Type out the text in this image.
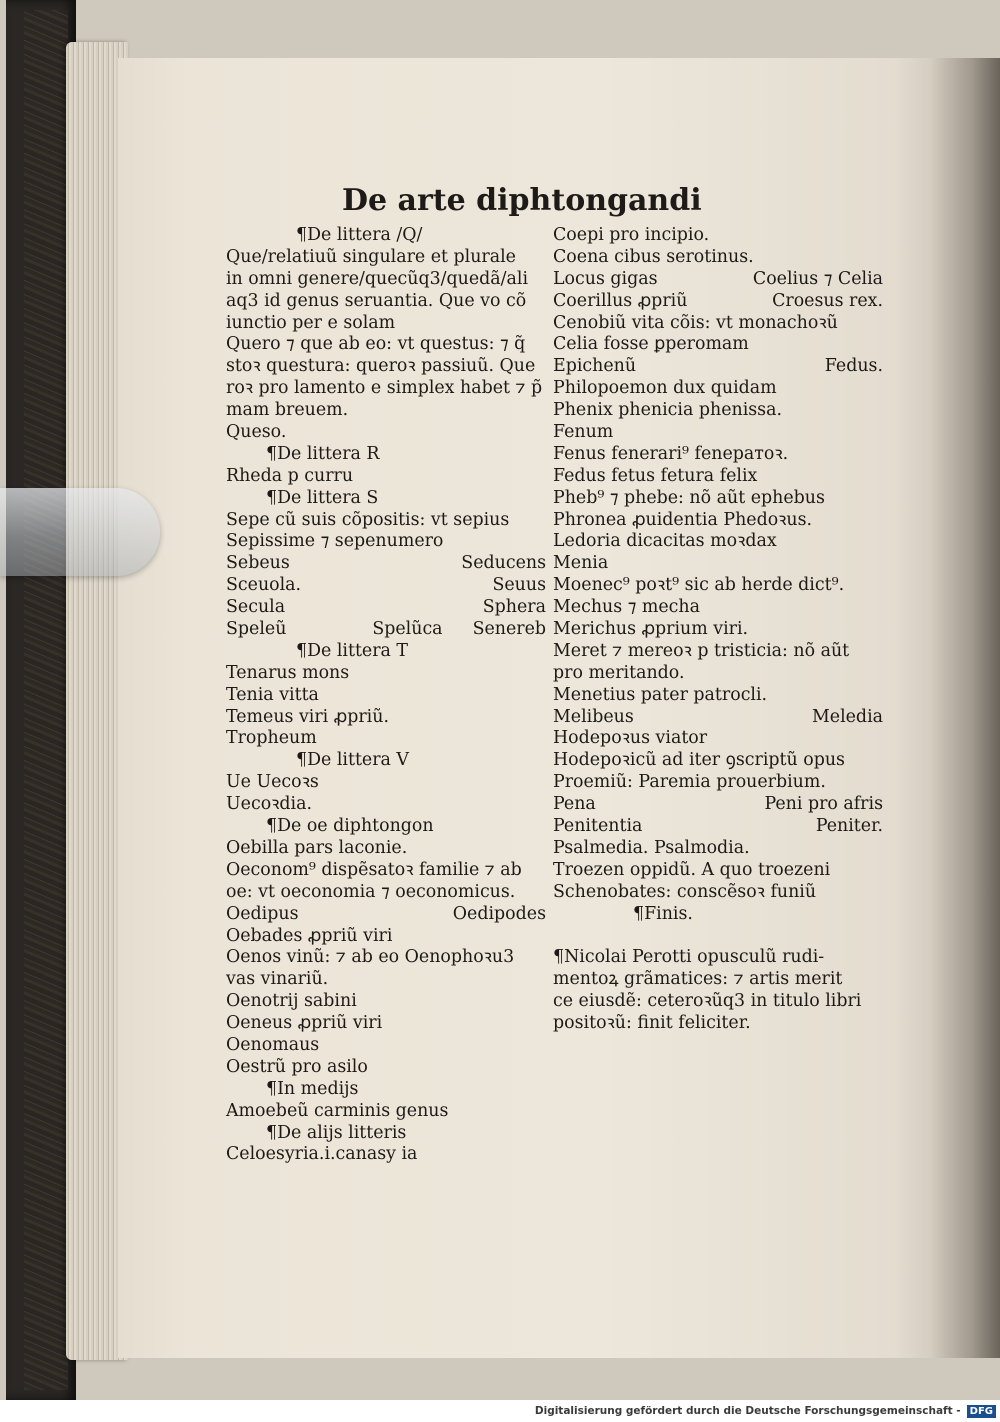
De arte diphtongandi
¶De littera /Q/
Que/relatiuũ singulare et plurale
in omni genere/quecũq3/quedã/ali
aq3 id genus seruantia. Que vo cõ
iunctio per e solam
Quero ⁊ que ab eo: vt questus: ⁊ q̃
stoꝛ questura: queroꝛ passiuũ. Que
roꝛ pro lamento e simplex habet ⁊ p̃
mam breuem.
Queso.
¶De littera R
Rheda p curru
¶De littera S
Sepe cũ suis cõpositis: vt sepius
Sepissime ⁊ sepenumero
Sebeus	Seducens
Sceuola.	Seuus
Secula	Sphera
Speleũ	Spelũca Senereb
¶De littera T
Tenarus mons
Tenia vitta
Temeus viri ꝓpriũ.
Tropheum
¶De littera V
Ue Uecoꝛs
Uecoꝛdia.
¶De oe diphtongon
Oebilla pars laconie.
Oeconom⁹ dispẽsatoꝛ familie ⁊ ab
oe: vt oeconomia ⁊ oeconomicus.
Oedipus	Oedipodes
Oebades ꝓpriũ viri
Oenos vinũ: ⁊ ab eo Oenophoꝛu3
vas vinariũ.
Oenotrij sabini
Oeneus ꝓpriũ viri
Oenomaus
Oestrũ pro asilo
¶In medijs
Amoebeũ carminis genus
¶De alijs litteris
Celoesyria.i.canasy ia
Coepi pro incipio.
Coena cibus serotinus.
Locus gigas	Coelius ⁊ Celia
Coerillus ꝓpriũ	Croesus rex.
Cenobiũ vita cõis: vt monachoꝛũ
Celia fosse ꝑperomam
Epichenũ	Fedus.
Philopoemon dux quidam
Phenix phenicia phenissa.
Fenum
Fenus fenerari⁹ fenератоꝛ.
Fedus fetus fetura felix
Pheb⁹ ⁊ phebe: nõ aũt ephebus
Phronea ꝓuidentia Phedoꝛus.
Ledoria dicacitas moꝛdax
Menia
Moenec⁹ poꝛt⁹ sic ab herde dict⁹.
Mechus ⁊ mecha
Merichus ꝓprium viri.
Meret ⁊ mereoꝛ p tristicia: nõ aũt
pro meritando.
Menetius pater patrocli.
Melibeus	Meledia
Hodepoꝛus viator
Hodepoꝛicũ ad iter ꝯscriptũ opus
Proemiũ: Paremia prouerbium.
Pena	Peni pro afris
Penitentia	Peniter.
Psalmedia. Psalmodia.
Troezen oppidũ. A quo troezeni
Schenobates: conscẽsoꝛ funiũ
¶Finis.
¶Nicolai Perotti opusculũ rudi-
mentoꝝ grãmatices: ⁊ artis merit
ce eiusdẽ: ceteroꝛũq3 in titulo libri
positoꝛũ: finit feliciter.
Digitalisierung gefördert durch die Deutsche Forschungsgemeinschaft - DFG
